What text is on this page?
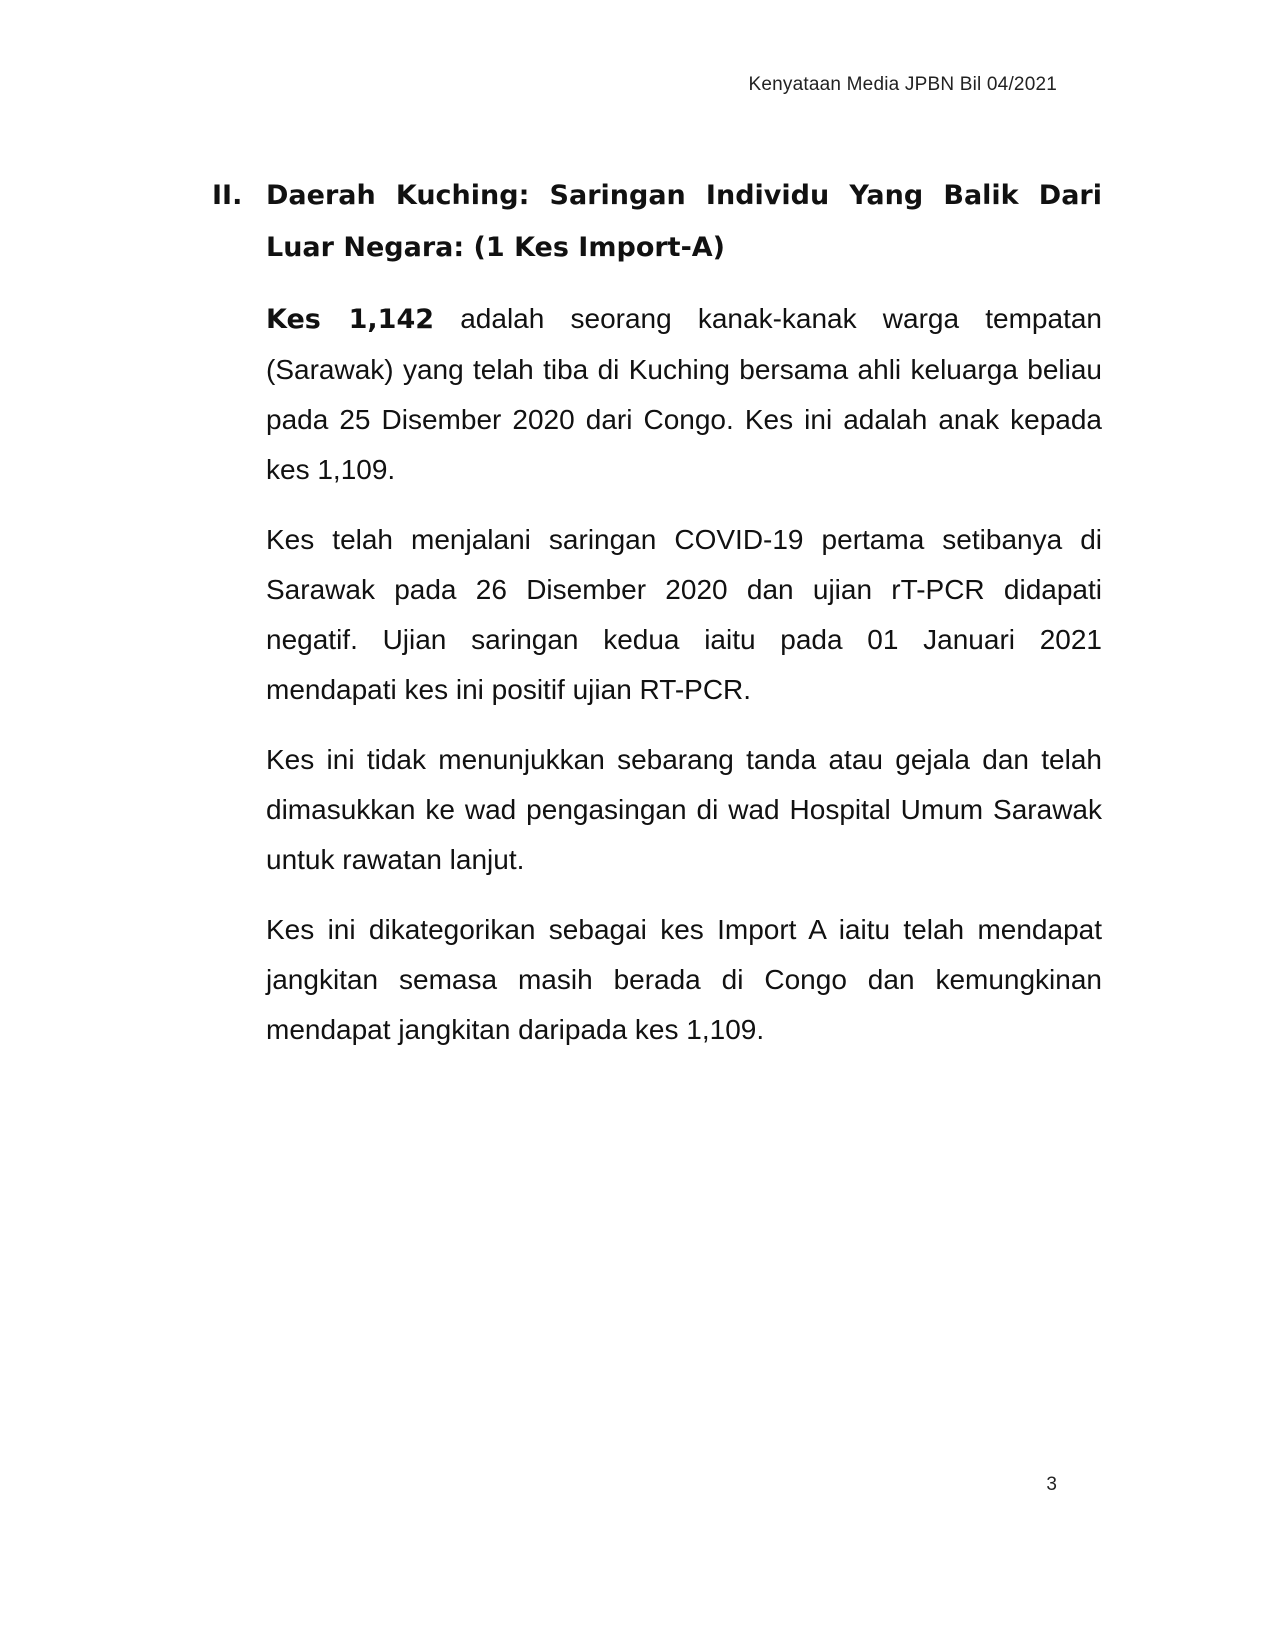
Kenyataan Media JPBN Bil 04/2021
II. Daerah Kuching: Saringan Individu Yang Balik Dari Luar Negara: (1 Kes Import-A)

Kes 1,142 adalah seorang kanak-kanak warga tempatan (Sarawak) yang telah tiba di Kuching bersama ahli keluarga beliau pada 25 Disember 2020 dari Congo. Kes ini adalah anak kepada kes 1,109.

Kes telah menjalani saringan COVID-19 pertama setibanya di Sarawak pada 26 Disember 2020 dan ujian rT-PCR didapati negatif. Ujian saringan kedua iaitu pada 01 Januari 2021 mendapati kes ini positif ujian RT-PCR.

Kes ini tidak menunjukkan sebarang tanda atau gejala dan telah dimasukkan ke wad pengasingan di wad Hospital Umum Sarawak untuk rawatan lanjut.

Kes ini dikategorikan sebagai kes Import A iaitu telah mendapat jangkitan semasa masih berada di Congo dan kemungkinan mendapat jangkitan daripada kes 1,109.

3
